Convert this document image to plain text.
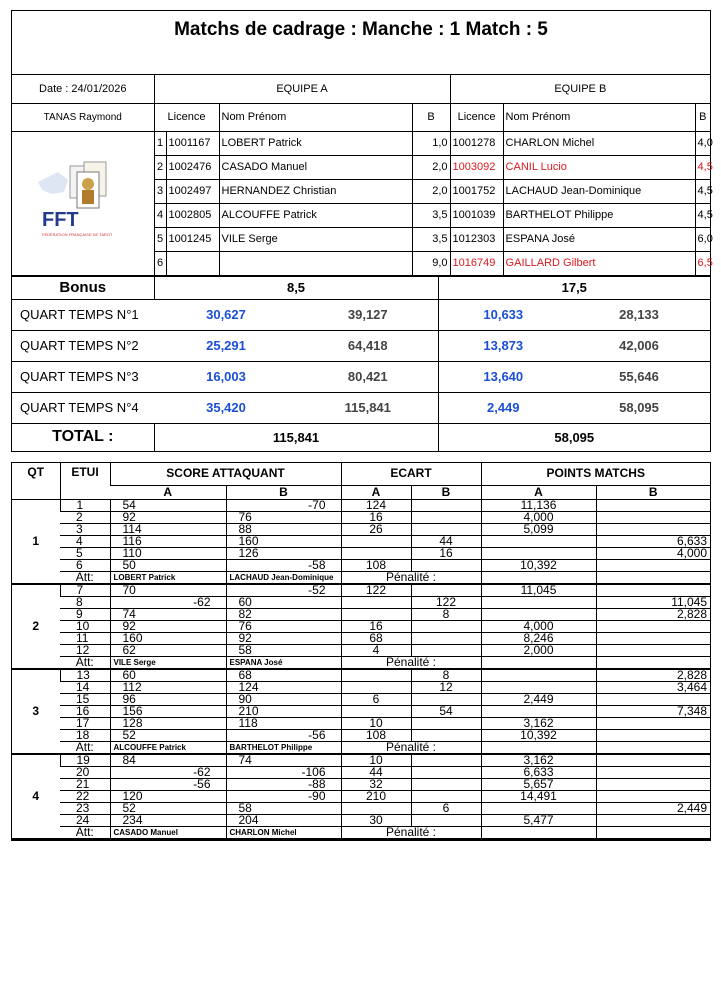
Matchs de cadrage : Manche : 1 Match : 5
Date : 24/01/2026	EQUIPE A				EQUIPE B		
TANAS Raymond	Licence		Nom Prénom	B	Licence	Nom Prénom	B

FFT
FÉDÉRATION FRANÇAISE DE TAROT	1	1001167	LOBERT Patrick	1,0	1001278	CHARLON Michel	4,0
	2	1002476	CASADO Manuel	2,0	1003092	CANIL Lucio	4,5
	3	1002497	HERNANDEZ Christian	2,0	1001752	LACHAUD Jean-Dominique	4,5
	4	1002805	ALCOUFFE Patrick	3,5	1001039	BARTHELOT Philippe	4,5
	5	1001245	VILE Serge	3,5	1012303	ESPANA José	6,0
	6			9,0	1016749	GAILLARD Gilbert	6,5
Bonus	8,5		17,5	
QUART TEMPS N°1	30,627	39,127	10,633	28,133
QUART TEMPS N°2	25,291	64,418	13,873	42,006
QUART TEMPS N°3	16,003	80,421	13,640	55,646
QUART TEMPS N°4	35,420	115,841	2,449	58,095
TOTAL :	115,841		58,095	
QT	ETUI	SCORE ATTAQUANT		ECART		POINTS MATCHS	
		A	B	A	B	A	B
1	1	54	-70	124		11,136	
	2	92	76	16		4,000	
	3	114	88	26		5,099	
	4	116	160		44		6,633
	5	110	126		16		4,000
	6	50	-58	108		10,392	
	Att:	LOBERT Patrick	LACHAUD Jean-Dominique	Pénalité :			
2	7	70	-52	122		11,045	
	8	-62	60		122		11,045
	9	74	82		8		2,828
	10	92	76	16		4,000	
	11	160	92	68		8,246	
	12	62	58	4		2,000	
	Att:	VILE Serge	ESPANA José	Pénalité :			
3	13	60	68		8		2,828
	14	112	124		12		3,464
	15	96	90	6		2,449	
	16	156	210		54		7,348
	17	128	118	10		3,162	
	18	52	-56	108		10,392	
	Att:	ALCOUFFE Patrick	BARTHELOT Philippe	Pénalité :			
4	19	84	74	10		3,162	
	20	-62	-106	44		6,633	
	21	-56	-88	32		5,657	
	22	120	-90	210		14,491	
	23	52	58		6		2,449
	24	234	204	30		5,477	
	Att:	CASADO Manuel	CHARLON Michel	Pénalité :			
